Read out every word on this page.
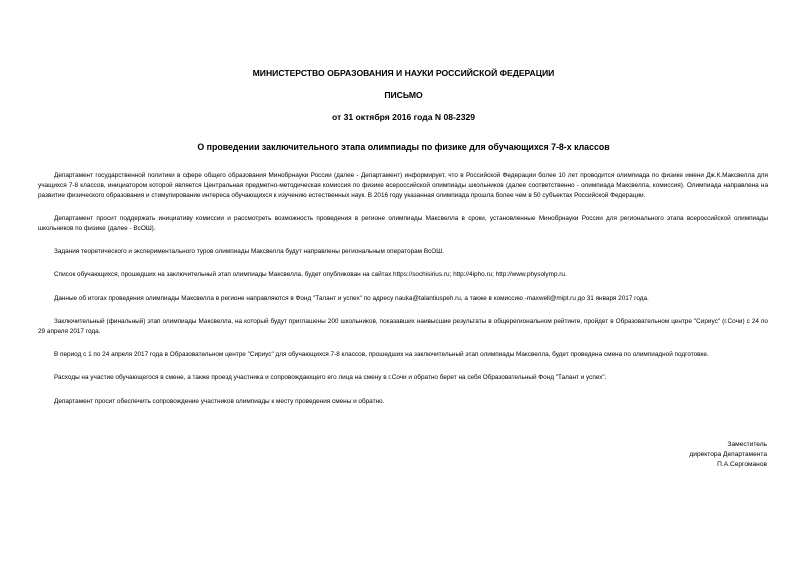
МИНИСТЕРСТВО ОБРАЗОВАНИЯ И НАУКИ РОССИЙСКОЙ ФЕДЕРАЦИИ
ПИСЬМО
от 31 октября 2016 года N 08-2329
О проведении заключительного этапа олимпиады по физике для обучающихся 7-8-х классов

Департамент государственной политики в сфере общего образования Минобрнауки России (далее - Департамент) информирует, что в Российской Федерации более 10 лет проводится олимпиада по физике имени Дж.К.Максвелла для учащихся 7-8 классов, инициатором которой является Центральная предметно-методическая комиссия по физике всероссийской олимпиады школьников (далее соответственно - олимпиада Максвелла, комиссия). Олимпиада направлена на развитие физического образования и стимулирование интереса обучающихся к изучению естественных наук. В 2016 году указанная олимпиада прошла более чем в 50 субъектах Российской Федерации.

Департамент просит поддержать инициативу комиссии и рассмотреть возможность проведения в регионе олимпиады Максвелла в сроки, установленные Минобрнауки России для регионального этапа всероссийской олимпиады школьников по физике (далее - ВсОШ).

Задания теоретического и экспериментального туров олимпиады Максвелла будут направлены региональным операторам ВсОШ.

Список обучающихся, прошедших на заключительный этап олимпиады Максвелла, будет опубликован на сайтах https://sochisirius.ru; http://4ipho.ru; http://www.physolymp.ru.

Данные об итогах проведения олимпиады Максвелла в регионе направляются в Фонд "Талант и успех" по адресу nauka@talantiuspeh.ru, а также в комиссию -maxwell@mipt.ru до 31 января 2017 года.

Заключительный (финальный) этап олимпиады Максвелла, на который будут приглашены 200 школьников, показавших наивысшие результаты в общерегиональном рейтинге, пройдет в Образовательном центре "Сириус" (г.Сочи) с 24 по 29 апреля 2017 года.

В период с 1 по 24 апреля 2017 года в Образовательном центре "Сириус" для обучающихся 7-8 классов, прошедших на заключительный этап олимпиады Максвелла, будет проведена смена по олимпиадной подготовке.

Расходы на участие обучающегося в смене, а также проезд участника и сопровождающего его лица на смену в г.Сочи и обратно берет на себя Образовательный Фонд "Талант и успех".

Департамент просит обеспечить сопровождение участников олимпиады к месту проведения смены и обратно.

Заместитель
директора Департамента
П.А.Сергоманов
